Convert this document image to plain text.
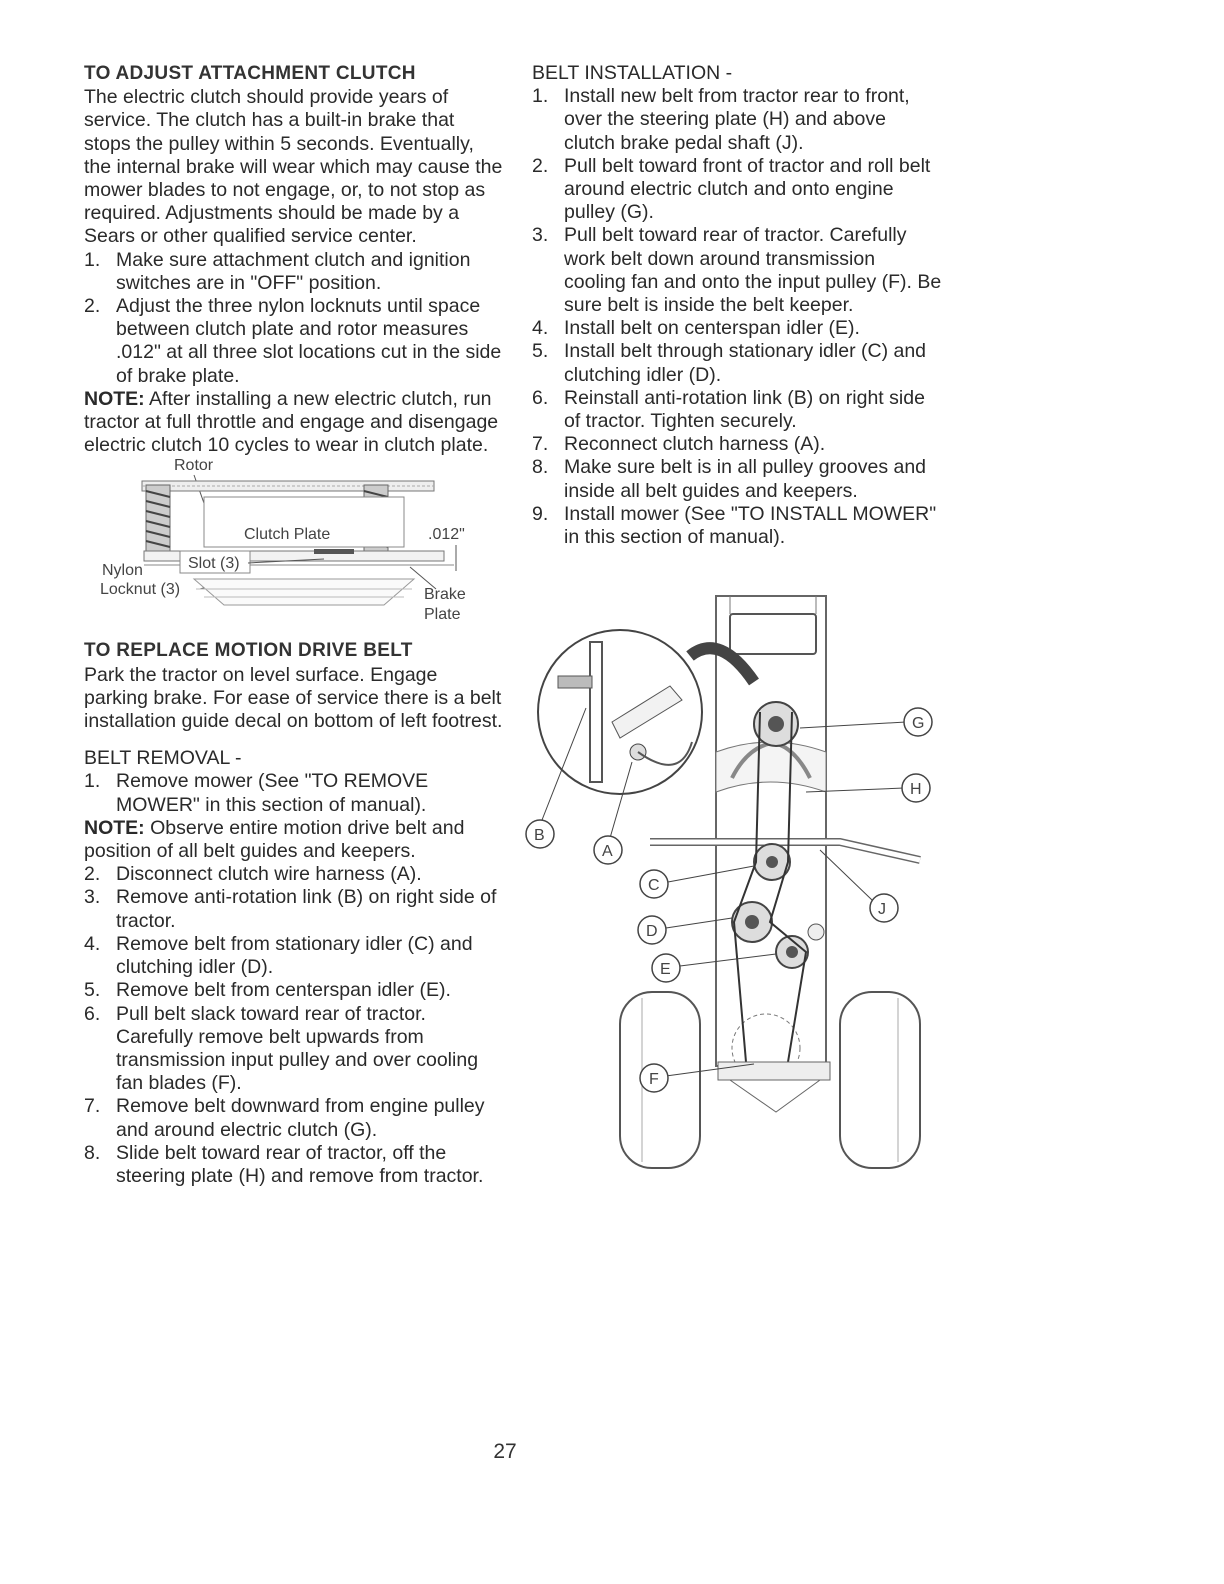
TO ADJUST ATTACHMENT CLUTCH

The electric clutch should provide years of service. The clutch has a built-in brake that stops the pulley within 5 seconds. Eventually, the internal brake will wear which may cause the mower blades to not engage, or, to not stop as required. Adjustments should be made by a Sears or other qualified service center.

1. Make sure attachment clutch and ignition switches are in "OFF" position.
2. Adjust the three nylon locknuts until space between clutch plate and rotor measures .012" at all three slot locations cut in the side of brake plate.

NOTE: After installing a new electric clutch, run tractor at full throttle and engage and disengage electric clutch 10 cycles to wear in clutch plate.

Rotor
Clutch Plate	.012"
Slot (3)
Nylon
Locknut (3)	Brake
Plate
TO REPLACE MOTION DRIVE BELT

Park the tractor on level surface. Engage parking brake. For ease of service there is a belt installation guide decal on bottom of left footrest.

BELT REMOVAL -

1. Remove mower (See "TO REMOVE MOWER" in this section of manual).

NOTE: Observe entire motion drive belt and position of all belt guides and keepers.

2. Disconnect clutch wire harness (A).
3. Remove anti-rotation link (B) on right side of tractor.
4. Remove belt from stationary idler (C) and clutching idler (D).
5. Remove belt from centerspan idler (E).
6. Pull belt slack toward rear of tractor. Carefully remove belt upwards from transmission input pulley and over cooling fan blades (F).
7. Remove belt downward from engine pulley and around electric clutch (G).
8. Slide belt toward rear of tractor, off the steering plate (H) and remove from tractor.

BELT INSTALLATION -

1. Install new belt from tractor rear to front, over the steering plate (H) and above clutch brake pedal shaft (J).
2. Pull belt toward front of tractor and roll belt around electric clutch and onto engine pulley (G).
3. Pull belt toward rear of tractor. Carefully work belt down around transmission cooling fan and onto the input pulley (F). Be sure belt is inside the belt keeper.
4. Install belt on centerspan idler (E).
5. Install belt through stationary idler (C) and clutching idler (D).
6. Reinstall anti-rotation link (B) on right side of tractor. Tighten securely.
7. Reconnect clutch harness (A).
8. Make sure belt is in all pulley grooves and inside all belt guides and keepers.
9. Install mower (See "TO INSTALL MOWER" in this section of manual).
G
H
J
B
A
C
D
E
F
27
